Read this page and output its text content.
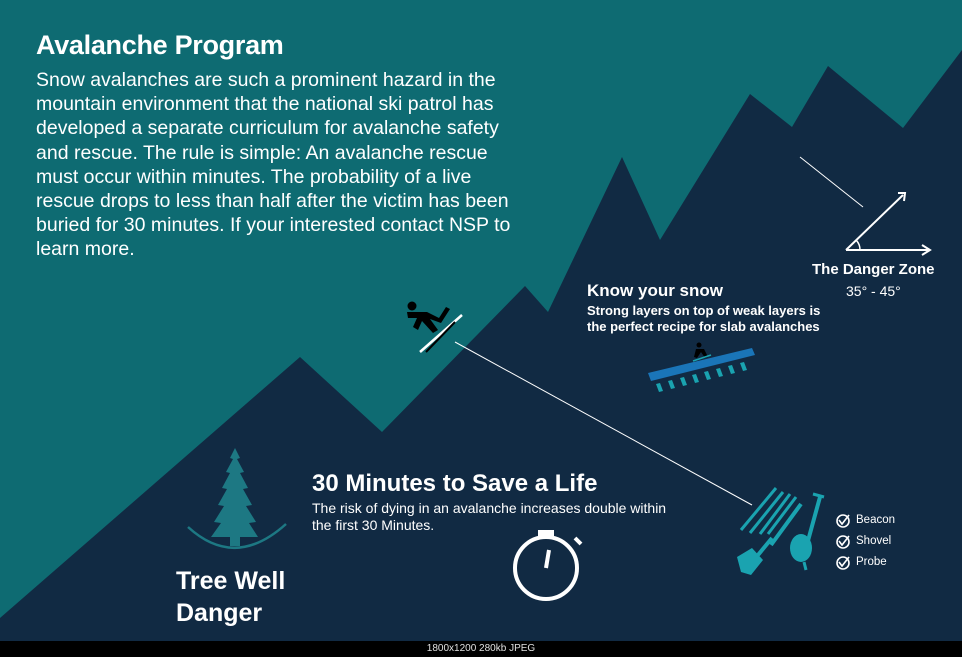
Avalanche Program

Snow avalanches are such a prominent hazard in the mountain environment that the national ski patrol has developed a separate curriculum for avalanche safety and rescue. The rule is simple: An avalanche rescue must occur within minutes. The probability of a live rescue drops to less than half after the victim has been buried for 30 minutes. If your interested contact NSP to learn more.

Know your snow
Strong layers on top of weak layers is the perfect recipe for slab avalanches
The Danger Zone
35° - 45°
30 Minutes to Save a Life
The risk of dying in an avalanche increases double within the first 30 Minutes.
Tree Well Danger
Beacon
Shovel
Probe
1800x1200 280kb JPEG
